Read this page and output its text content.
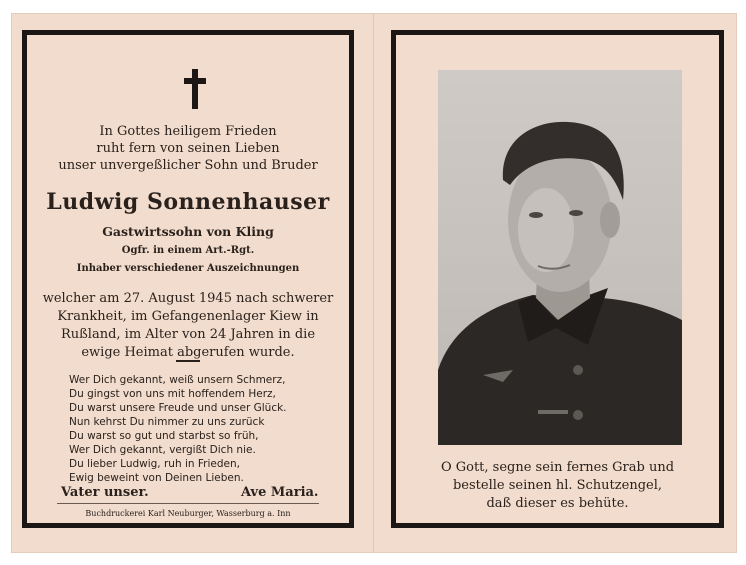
In Gottes heiligem Frieden
ruht fern von seinen Lieben
unser unvergeßlicher Sohn und Bruder
Ludwig Sonnenhauser
Gastwirtssohn von Kling
Ogfr. in einem Art.-Rgt.
Inhaber verschiedener Auszeichnungen
welcher am 27. August 1945 nach schwerer
Krankheit, im Gefangenenlager Kiew in
Rußland, im Alter von 24 Jahren in die
ewige Heimat abgerufen wurde.
Wer Dich gekannt, weiß unsern Schmerz,
Du gingst von uns mit hoffendem Herz,
Du warst unsere Freude und unser Glück.
Nun kehrst Du nimmer zu uns zurück
Du warst so gut und starbst so früh,
Wer Dich gekannt, vergißt Dich nie.
Du lieber Ludwig, ruh in Frieden,
Ewig beweint von Deinen Lieben.
Vater unser.	Ave Maria.
Buchdruckerei Karl Neuburger, Wasserburg a. Inn
O Gott, segne sein fernes Grab und
bestelle seinen hl. Schutzengel,
daß dieser es behüte.
